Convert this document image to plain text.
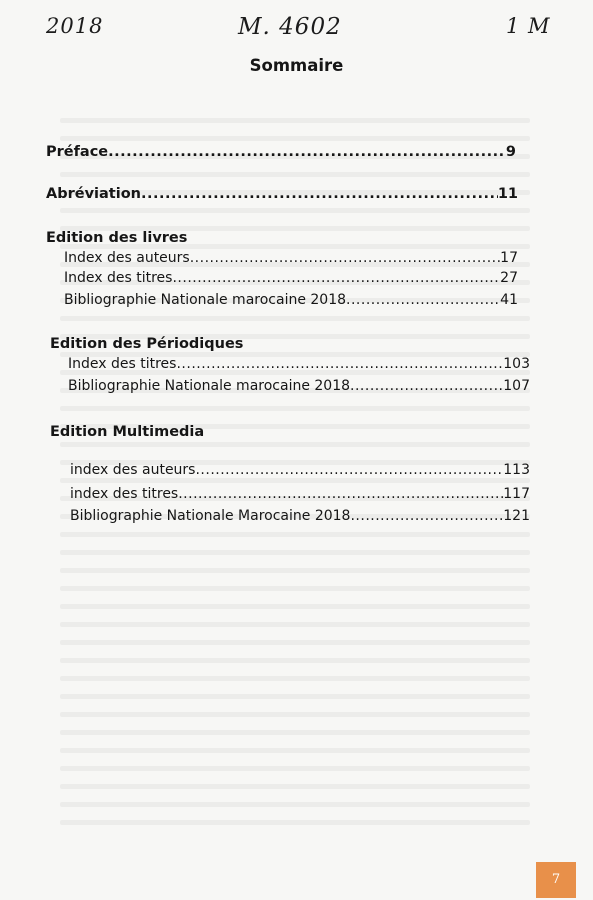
2018	M. 4602	1 M
Sommaire
Préface .....	9
Abréviation .....	11
Edition des livres
Index des auteurs .....	17
Index des titres .....	27
Bibliographie Nationale marocaine 2018 .....	41
Edition des Périodiques
Index des titres .....	103
Bibliographie Nationale marocaine 2018 .....	107
Edition Multimedia
index des auteurs .....	113
index des titres .....	117
Bibliographie Nationale Marocaine 2018 .....	121
7
